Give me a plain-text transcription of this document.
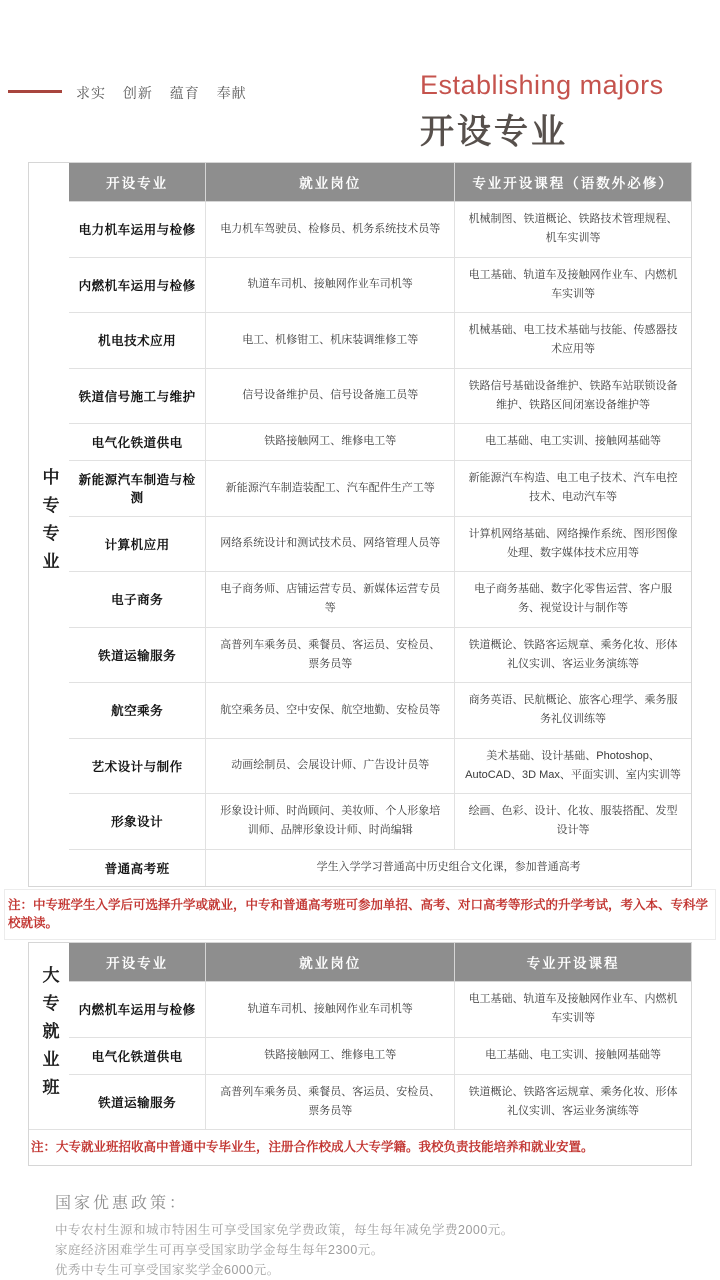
求实 创新 蕴育 奉献	Establishing majors
开设专业
中专专业
开设专业	就业岗位	专业开设课程（语数外必修）
电力机车运用与检修	电力机车驾驶员、检修员、机务系统技术员等	机械制图、铁道概论、铁路技术管理规程、机车实训等
内燃机车运用与检修	轨道车司机、接触网作业车司机等	电工基础、轨道车及接触网作业车、内燃机车实训等
机电技术应用	电工、机修钳工、机床装调维修工等	机械基础、电工技术基础与技能、传感器技术应用等
铁道信号施工与维护	信号设备维护员、信号设备施工员等	铁路信号基础设备维护、铁路车站联锁设备维护、铁路区间闭塞设备维护等
电气化铁道供电	铁路接触网工、维修电工等	电工基础、电工实训、接触网基础等
新能源汽车制造与检测	新能源汽车制造装配工、汽车配件生产工等	新能源汽车构造、电工电子技术、汽车电控技术、电动汽车等
计算机应用	网络系统设计和测试技术员、网络管理人员等	计算机网络基础、网络操作系统、图形图像处理、数字媒体技术应用等
电子商务	电子商务师、店铺运营专员、新媒体运营专员等	电子商务基础、数字化零售运营、客户服务、视觉设计与制作等
铁道运输服务	高普列车乘务员、乘餐员、客运员、安检员、票务员等	铁道概论、铁路客运规章、乘务化妆、形体礼仪实训、客运业务演练等
航空乘务	航空乘务员、空中安保、航空地勤、安检员等	商务英语、民航概论、旅客心理学、乘务服务礼仪训练等
艺术设计与制作	动画绘制员、会展设计师、广告设计员等	美术基础、设计基础、Photoshop、AutoCAD、3D Max、平面实训、室内实训等
形象设计	形象设计师、时尚顾问、美妆师、个人形象培训师、品牌形象设计师、时尚编辑	绘画、色彩、设计、化妆、服装搭配、发型设计等
普通高考班	学生入学学习普通高中历史组合文化课，参加普通高考	
注：中专班学生入学后可选择升学或就业，中专和普通高考班可参加单招、高考、对口高考等形式的升学考试，考入本、专科学校就读。
大专就业班
开设专业	就业岗位	专业开设课程
内燃机车运用与检修	轨道车司机、接触网作业车司机等	电工基础、轨道车及接触网作业车、内燃机车实训等
电气化铁道供电	铁路接触网工、维修电工等	电工基础、电工实训、接触网基础等
铁道运输服务	高普列车乘务员、乘餐员、客运员、安检员、票务员等	铁道概论、铁路客运规章、乘务化妆、形体礼仪实训、客运业务演练等
注：大专就业班招收高中普通中专毕业生，注册合作校成人大专学籍。我校负责技能培养和就业安置。
国家优惠政策：
中专农村生源和城市特困生可享受国家免学费政策，每生每年减免学费2000元。
家庭经济困难学生可再享受国家助学金每生每年2300元。
优秀中专生可享受国家奖学金6000元。
